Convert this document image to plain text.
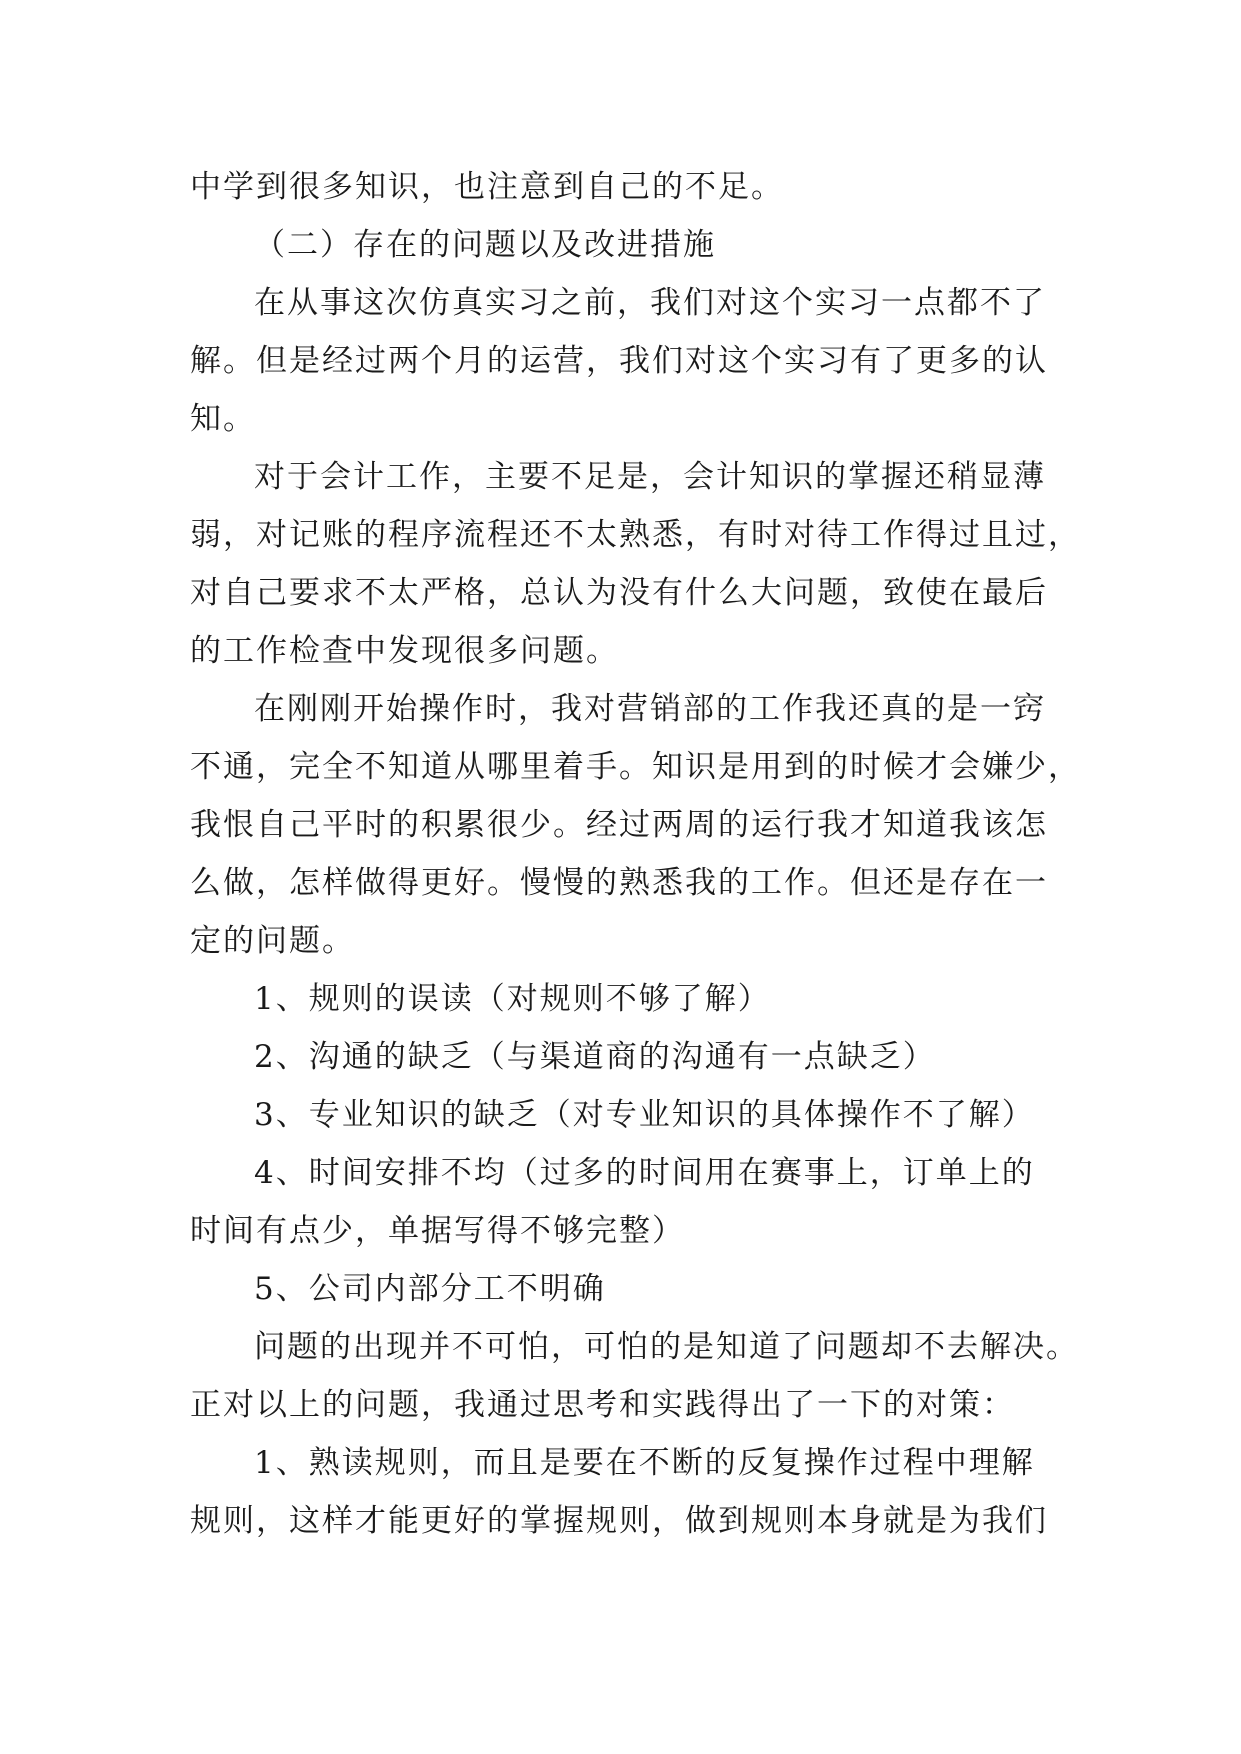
中学到很多知识，也注意到自己的不足。
（二）存在的问题以及改进措施
在从事这次仿真实习之前，我们对这个实习一点都不了
解。但是经过两个月的运营，我们对这个实习有了更多的认
知。
对于会计工作，主要不足是，会计知识的掌握还稍显薄
弱，对记账的程序流程还不太熟悉，有时对待工作得过且过，
对自己要求不太严格，总认为没有什么大问题，致使在最后
的工作检查中发现很多问题。
在刚刚开始操作时，我对营销部的工作我还真的是一窍
不通，完全不知道从哪里着手。知识是用到的时候才会嫌少，
我恨自己平时的积累很少。经过两周的运行我才知道我该怎
么做，怎样做得更好。慢慢的熟悉我的工作。但还是存在一
定的问题。
1、规则的误读（对规则不够了解）
2、沟通的缺乏（与渠道商的沟通有一点缺乏）
3、专业知识的缺乏（对专业知识的具体操作不了解）
4、时间安排不均（过多的时间用在赛事上，订单上的
时间有点少，单据写得不够完整）
5、公司内部分工不明确
问题的出现并不可怕，可怕的是知道了问题却不去解决。
正对以上的问题，我通过思考和实践得出了一下的对策：
1、熟读规则，而且是要在不断的反复操作过程中理解
规则，这样才能更好的掌握规则，做到规则本身就是为我们
